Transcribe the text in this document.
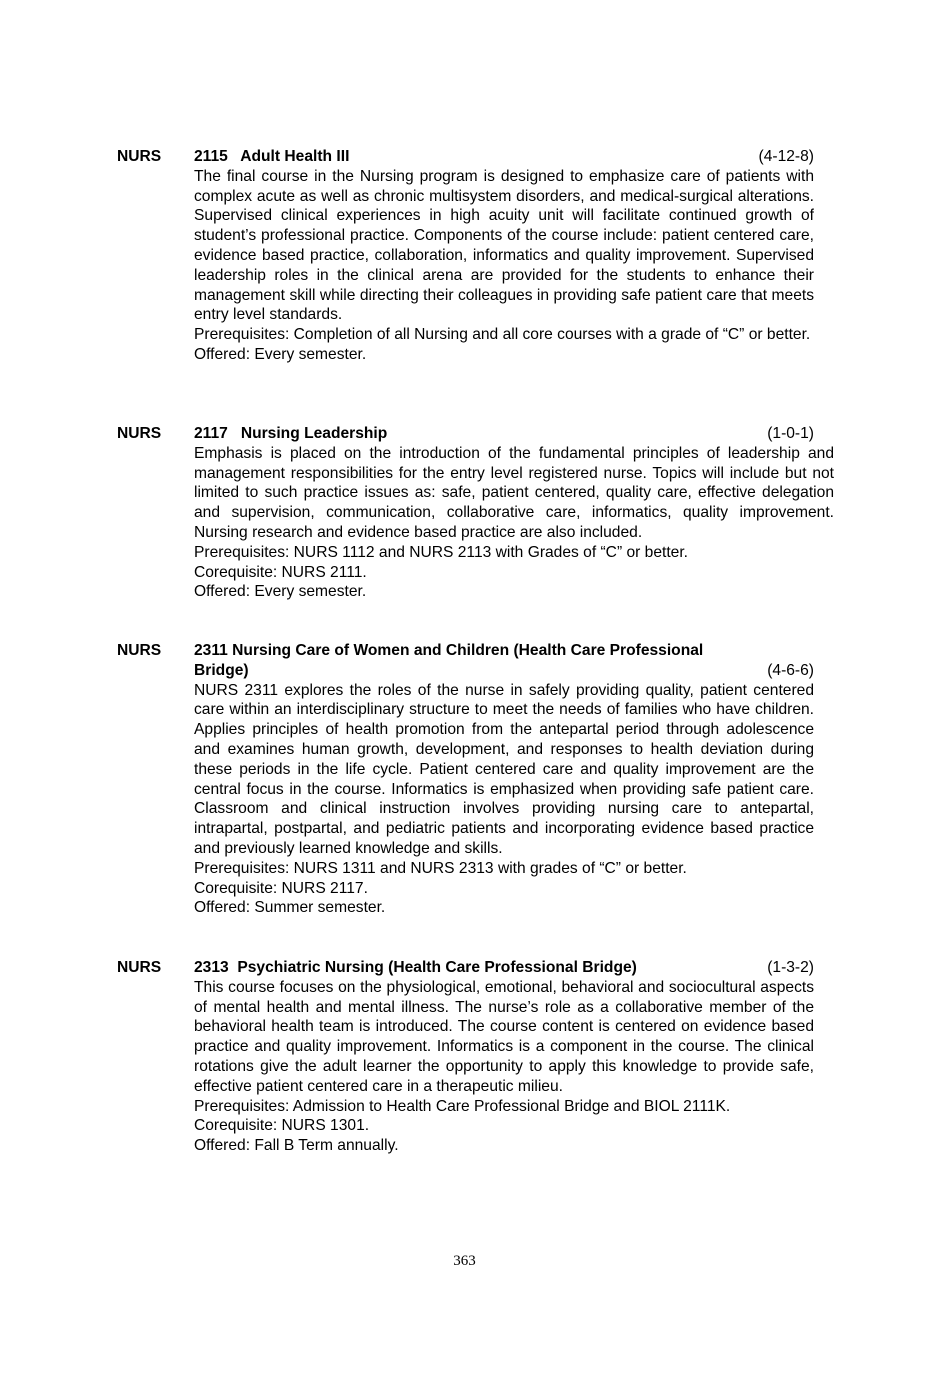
NURS 2115   Adult Health III	(4-12-8)

The final course in the Nursing program is designed to emphasize care of patients with complex acute as well as chronic multisystem disorders, and medical-surgical alterations. Supervised clinical experiences in high acuity unit will facilitate continued growth of student’s professional practice. Components of the course include: patient centered care, evidence based practice, collaboration, informatics and quality improvement. Supervised leadership roles in the clinical arena are provided for the students to enhance their management skill while directing their colleagues in providing safe patient care that meets entry level standards.

Prerequisites: Completion of all Nursing and all core courses with a grade of “C” or better.

Offered: Every semester.

NURS 2117   Nursing Leadership	(1-0-1)

Emphasis is placed on the introduction of the fundamental principles of leadership and management responsibilities for the entry level registered nurse. Topics will include but not limited to such practice issues as: safe, patient centered, quality care, effective delegation and supervision, communication, collaborative care, informatics, quality improvement. Nursing research and evidence based practice are also included.

Prerequisites: NURS 1112 and NURS 2113 with Grades of “C” or better.

Corequisite: NURS 2111.

Offered: Every semester.

NURS 2311 Nursing Care of Women and Children (Health Care Professional
Bridge)	(4-6-6)

NURS 2311 explores the roles of the nurse in safely providing quality, patient centered care within an interdisciplinary structure to meet the needs of families who have children. Applies principles of health promotion from the antepartal period through adolescence and examines human growth, development, and responses to health deviation during these periods in the life cycle. Patient centered care and quality improvement are the central focus in the course. Informatics is emphasized when providing safe patient care. Classroom and clinical instruction involves providing nursing care to antepartal, intrapartal, postpartal, and pediatric patients and incorporating evidence based practice and previously learned knowledge and skills.

Prerequisites: NURS 1311 and NURS 2313 with grades of “C” or better.

Corequisite: NURS 2117.

Offered: Summer semester.

NURS 2313  Psychiatric Nursing (Health Care Professional Bridge)	(1-3-2)

This course focuses on the physiological, emotional, behavioral and sociocultural aspects of mental health and mental illness. The nurse’s role as a collaborative member of the behavioral health team is introduced. The course content is centered on evidence based practice and quality improvement. Informatics is a component in the course. The clinical rotations give the adult learner the opportunity to apply this knowledge to provide safe, effective patient centered care in a therapeutic milieu.

Prerequisites: Admission to Health Care Professional Bridge and BIOL 2111K.

Corequisite: NURS 1301.

Offered: Fall B Term annually.

363
